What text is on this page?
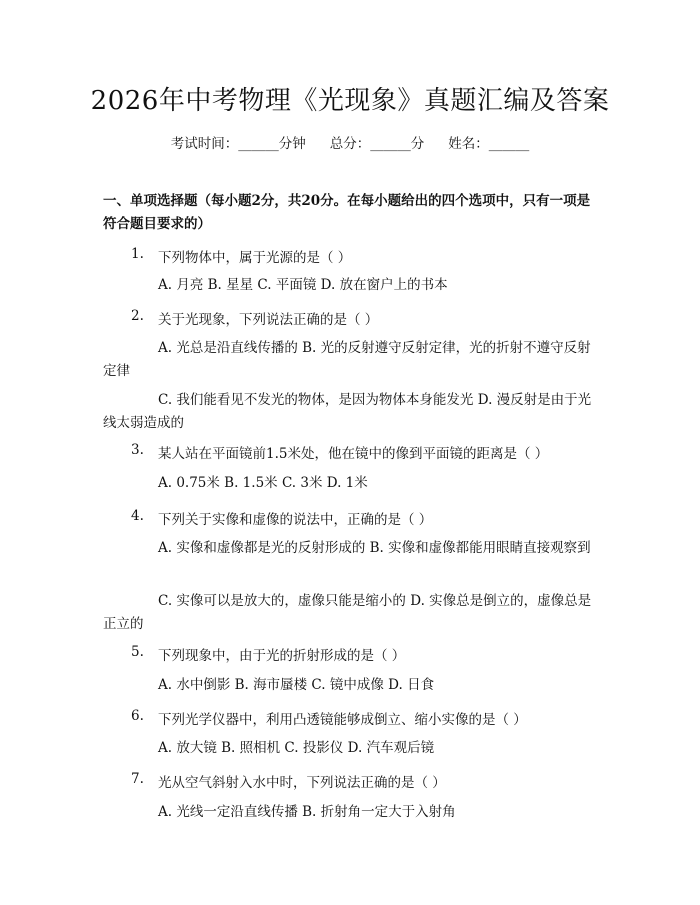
2026年中考物理《光现象》真题汇编及答案
考试时间：______分钟 总分：______分 姓名：______
一、单项选择题（每小题2分，共20分。在每小题给出的四个选项中，只有一项是符合题目要求的）
1. 下列物体中，属于光源的是（ ）
A. 月亮 B. 星星 C. 平面镜 D. 放在窗户上的书本
2. 关于光现象，下列说法正确的是（ ）
A. 光总是沿直线传播的 B. 光的反射遵守反射定律，光的折射不遵守反射定律
C. 我们能看见不发光的物体，是因为物体本身能发光 D. 漫反射是由于光线太弱造成的
3. 某人站在平面镜前1.5米处，他在镜中的像到平面镜的距离是（ ）
A. 0.75米 B. 1.5米 C. 3米 D. 1米
4. 下列关于实像和虚像的说法中，正确的是（ ）
A. 实像和虚像都是光的反射形成的 B. 实像和虚像都能用眼睛直接观察到
C. 实像可以是放大的，虚像只能是缩小的 D. 实像总是倒立的，虚像总是正立的
5. 下列现象中，由于光的折射形成的是（ ）
A. 水中倒影 B. 海市蜃楼 C. 镜中成像 D. 日食
6. 下列光学仪器中，利用凸透镜能够成倒立、缩小实像的是（ ）
A. 放大镜 B. 照相机 C. 投影仪 D. 汽车观后镜
7. 光从空气斜射入水中时，下列说法正确的是（ ）
A. 光线一定沿直线传播 B. 折射角一定大于入射角
